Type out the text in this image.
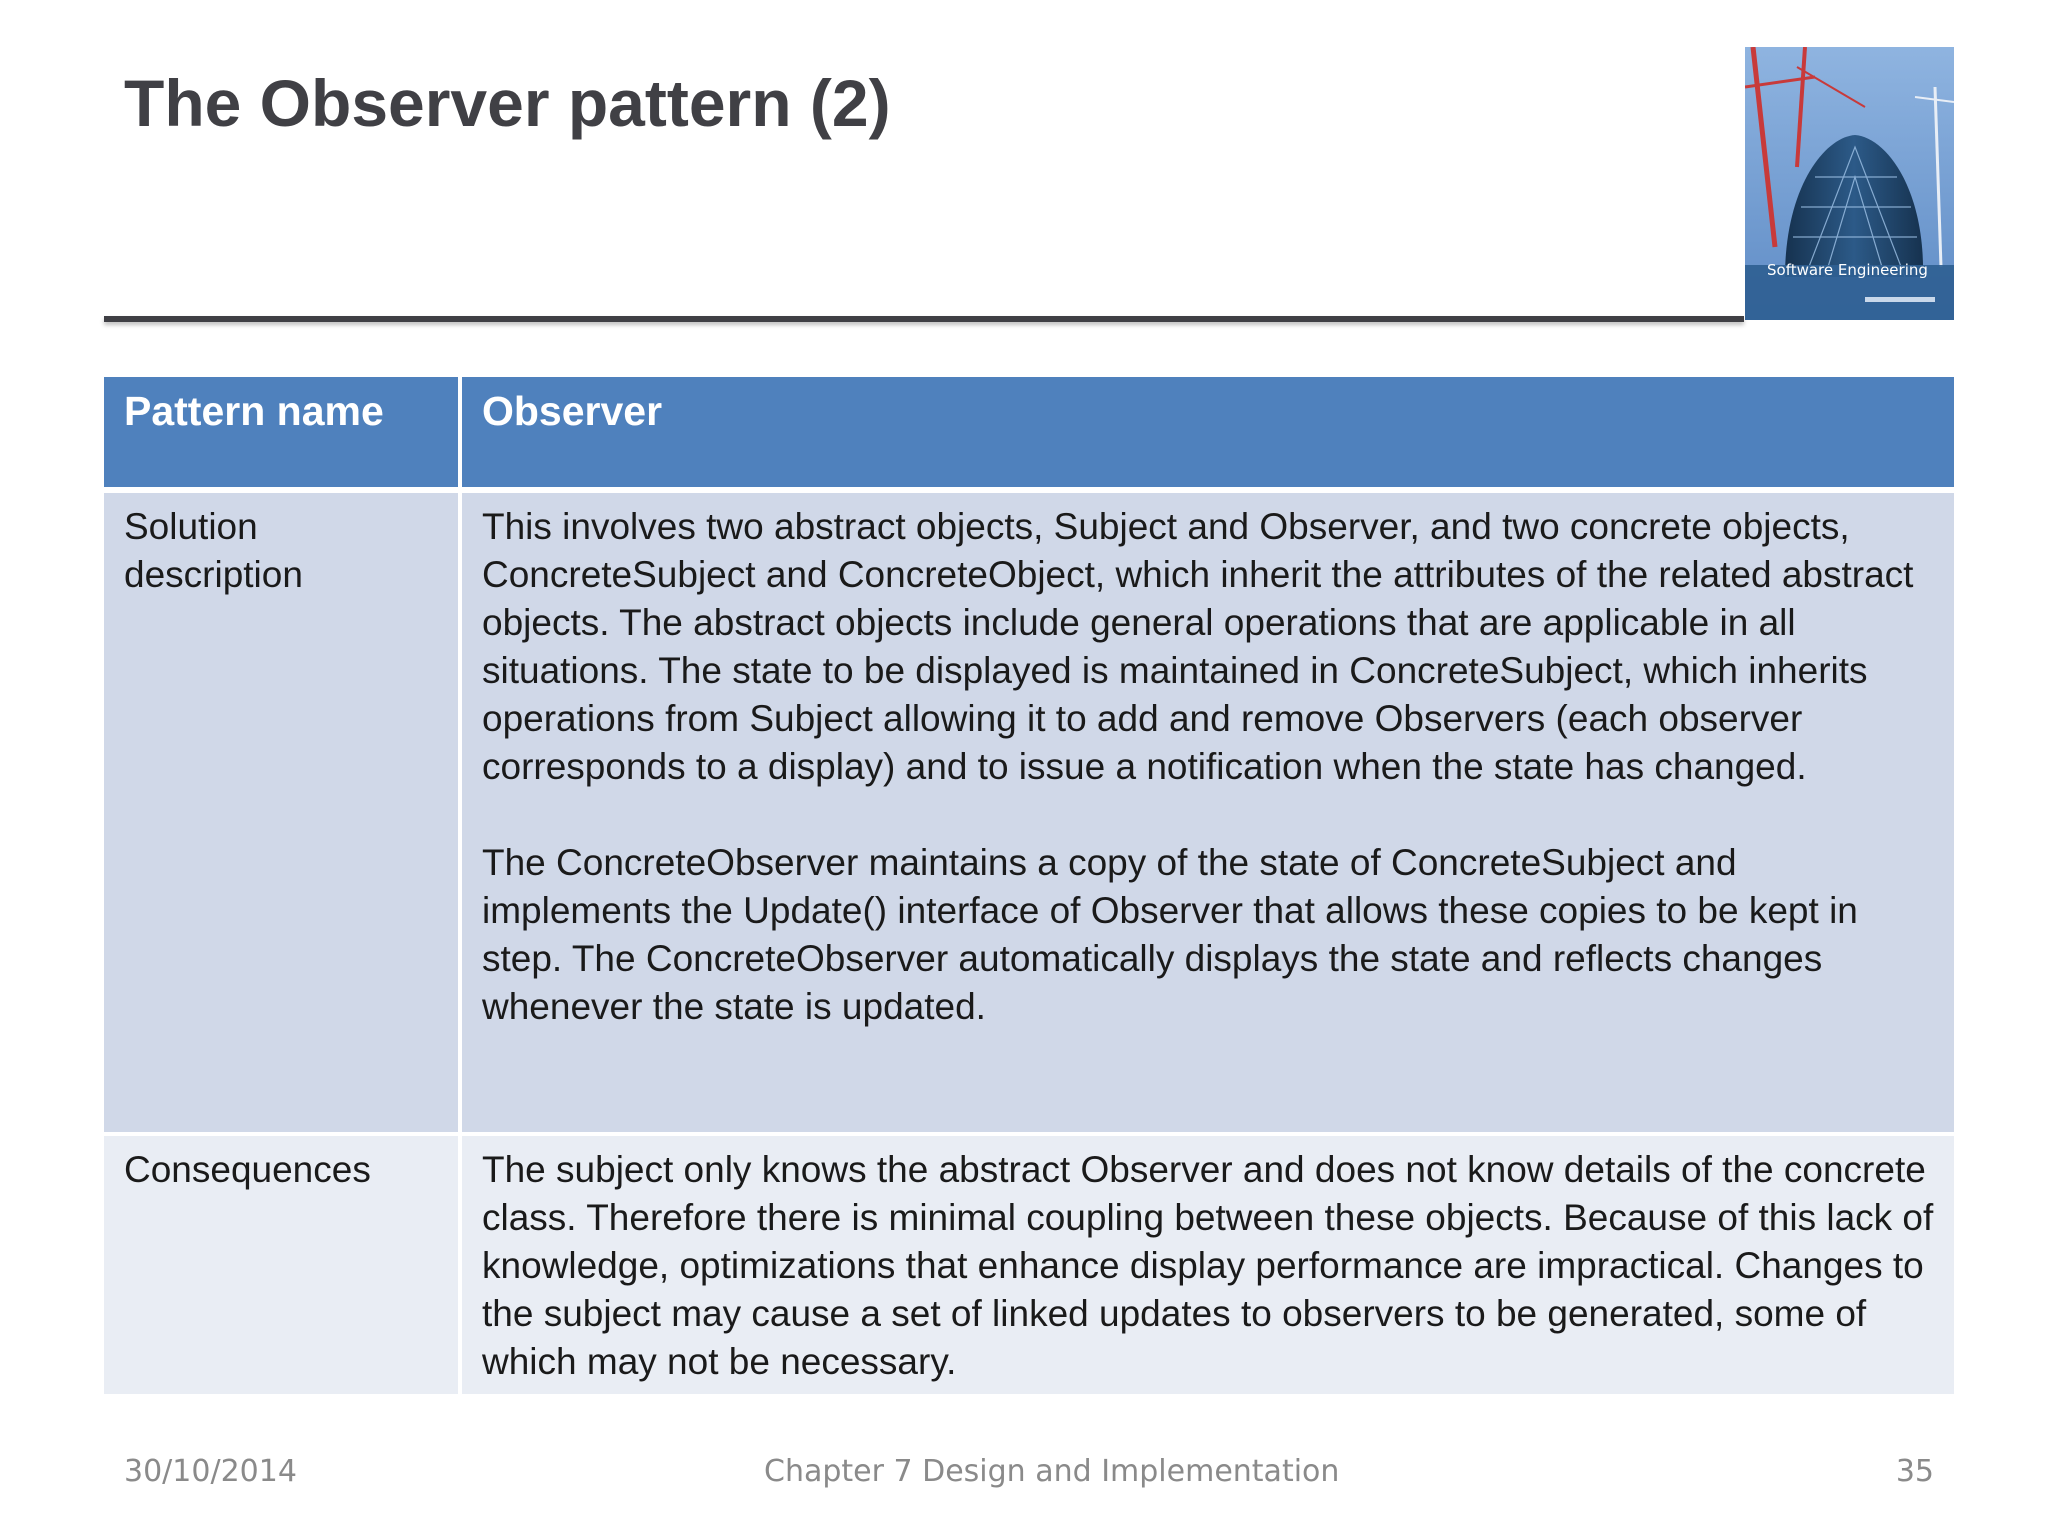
The Observer pattern (2)
Software Engineering
Pattern name	Observer
Solution description	This involves two abstract objects, Subject and Observer, and two concrete objects, ConcreteSubject and ConcreteObject, which inherit the attributes of the related abstract objects. The abstract objects include general operations that are applicable in all situations. The state to be displayed is maintained in ConcreteSubject, which inherits operations from Subject allowing it to add and remove Observers (each observer corresponds to a display) and to issue a notification when the state has changed.
The ConcreteObserver maintains a copy of the state of ConcreteSubject and implements the Update() interface of Observer that allows these copies to be kept in step. The ConcreteObserver automatically displays the state and reflects changes whenever the state is updated.

Consequences	The subject only knows the abstract Observer and does not know details of the concrete class. Therefore there is minimal coupling between these objects. Because of this lack of knowledge, optimizations that enhance display performance are impractical. Changes to the subject may cause a set of linked updates to observers to be generated, some of which may not be necessary.
30/10/2014	Chapter 7 Design and Implementation	35
